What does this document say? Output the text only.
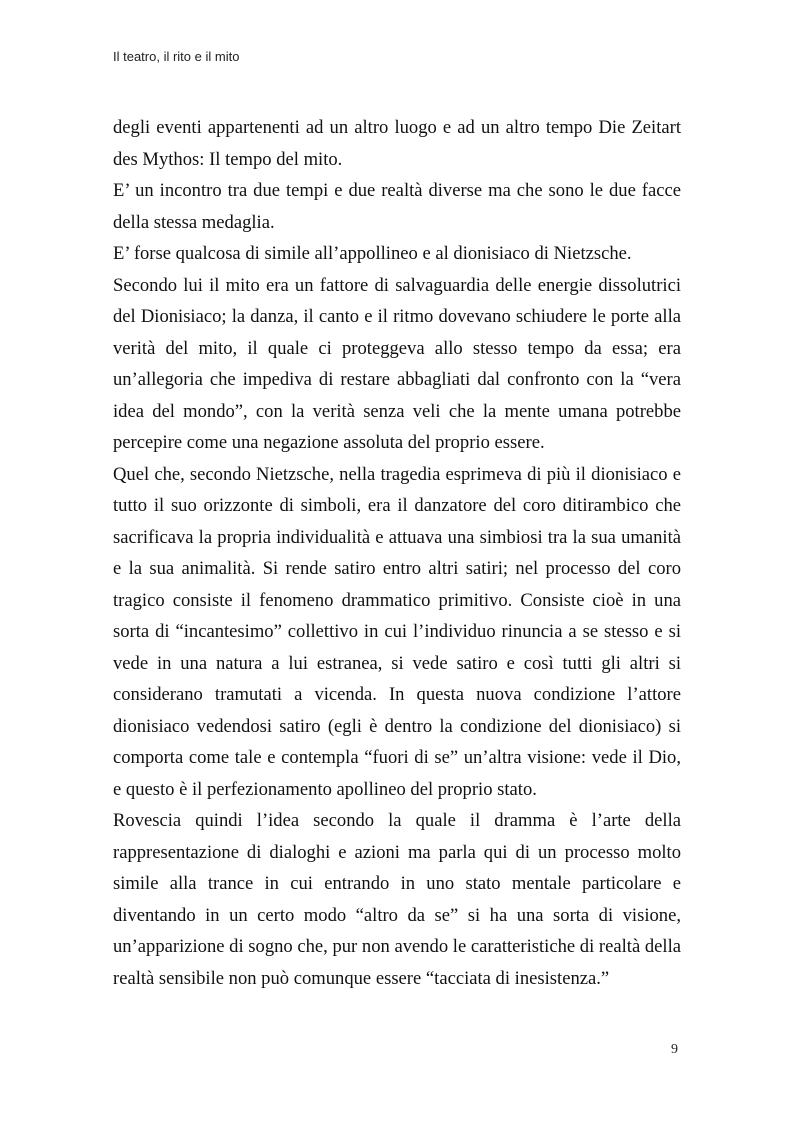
Il teatro, il rito e il mito

degli eventi appartenenti ad un altro luogo e ad un altro tempo Die Zeitart des Mythos: Il tempo del mito.

E’ un incontro tra due tempi e due realtà diverse ma che sono le due facce della stessa medaglia.

E’ forse qualcosa di simile all’appollineo e al dionisiaco di Nietzsche.

Secondo lui il mito era un fattore di salvaguardia delle energie dissolutrici del Dionisiaco; la danza, il canto e il ritmo dovevano schiudere le porte alla verità del mito, il quale ci proteggeva allo stesso tempo da essa; era un’allegoria che impediva di restare abbagliati dal confronto con la “vera idea del mondo”, con la verità senza veli che la mente umana potrebbe percepire come una negazione assoluta del proprio essere.

Quel che, secondo Nietzsche, nella tragedia esprimeva di più il dionisiaco e tutto il suo orizzonte di simboli, era il danzatore del coro ditirambico che sacrificava la propria individualità e attuava una simbiosi tra la sua umanità e la sua animalità. Si rende satiro entro altri satiri; nel processo del coro tragico consiste il fenomeno drammatico primitivo. Consiste cioè in una sorta di “incantesimo” collettivo in cui l’individuo rinuncia a se stesso e si vede in una natura a lui estranea, si vede satiro e così tutti gli altri si considerano tramutati a vicenda. In questa nuova condizione l’attore dionisiaco vedendosi satiro (egli è dentro la condizione del dionisiaco) si comporta come tale e contempla “fuori di se” un’altra visione: vede il Dio, e questo è il perfezionamento apollineo del proprio stato.

Rovescia quindi l’idea secondo la quale il dramma è l’arte della rappresentazione di dialoghi e azioni ma parla qui di un processo molto simile alla trance in cui entrando in uno stato mentale particolare e diventando in un certo modo “altro da se” si ha una sorta di visione, un’apparizione di sogno che, pur non avendo le caratteristiche di realtà della realtà sensibile non può comunque essere “tacciata di inesistenza.”

9
